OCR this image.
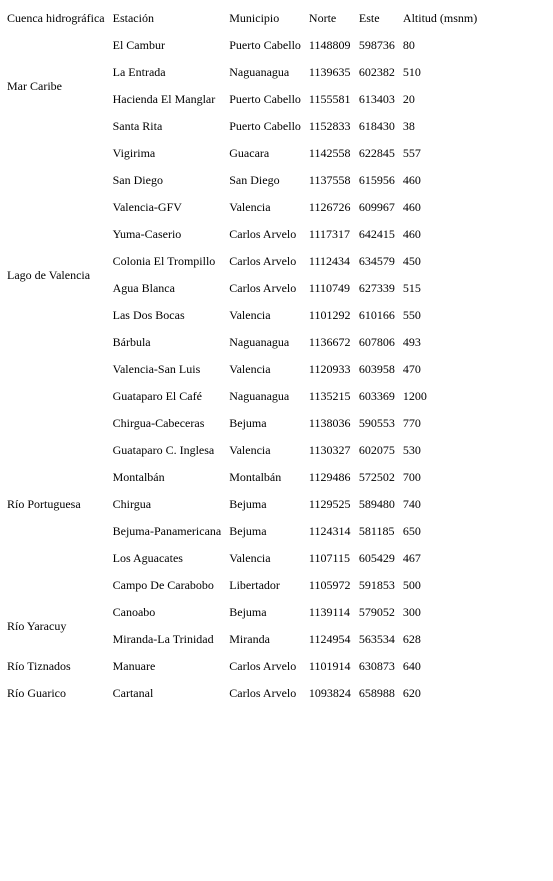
Cuenca hidrográfica	Estación	Municipio	Norte	Este	Altitud (msnm)
Mar Caribe	El Cambur	Puerto Cabello	1148809	598736	80
	La Entrada	Naguanagua	1139635	602382	510
	Hacienda El Manglar	Puerto Cabello	1155581	613403	20
	Santa Rita	Puerto Cabello	1152833	618430	38
Lago de Valencia	Vigirima	Guacara	1142558	622845	557
	San Diego	San Diego	1137558	615956	460
	Valencia-GFV	Valencia	1126726	609967	460
	Yuma-Caserio	Carlos Arvelo	1117317	642415	460
	Colonia El Trompillo	Carlos Arvelo	1112434	634579	450
	Agua Blanca	Carlos Arvelo	1110749	627339	515
	Las Dos Bocas	Valencia	1101292	610166	550
	Bárbula	Naguanagua	1136672	607806	493
	Valencia-San Luis	Valencia	1120933	603958	470
	Guataparo El Café	Naguanagua	1135215	603369	1200
Río Portuguesa	Chirgua-Cabeceras	Bejuma	1138036	590553	770
	Guataparo C. Inglesa	Valencia	1130327	602075	530
	Montalbán	Montalbán	1129486	572502	700
	Chirgua	Bejuma	1129525	589480	740
	Bejuma-Panamericana	Bejuma	1124314	581185	650
	Los Aguacates	Valencia	1107115	605429	467
	Campo De Carabobo	Libertador	1105972	591853	500
Río Yaracuy	Canoabo	Bejuma	1139114	579052	300
	Miranda-La Trinidad	Miranda	1124954	563534	628
Río Tiznados	Manuare	Carlos Arvelo	1101914	630873	640
Río Guarico	Cartanal	Carlos Arvelo	1093824	658988	620
